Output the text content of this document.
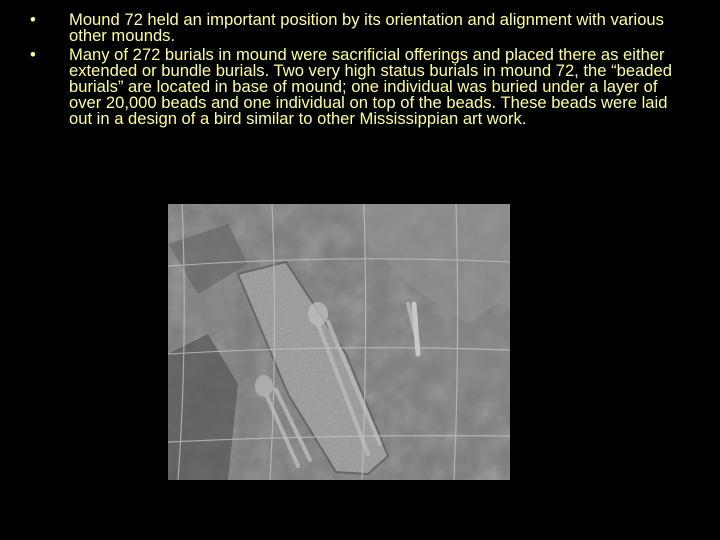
•	Mound 72 held an important position by its orientation and alignment with various other mounds.
•	Many of 272 burials in mound were sacrificial offerings and placed there as either extended or bundle burials. Two very high status burials in mound 72, the “beaded burials” are located in base of mound; one individual was buried under a layer of over 20,000 beads and one individual on top of the beads. These beads were laid out in a design of a bird similar to other Mississippian art work.
